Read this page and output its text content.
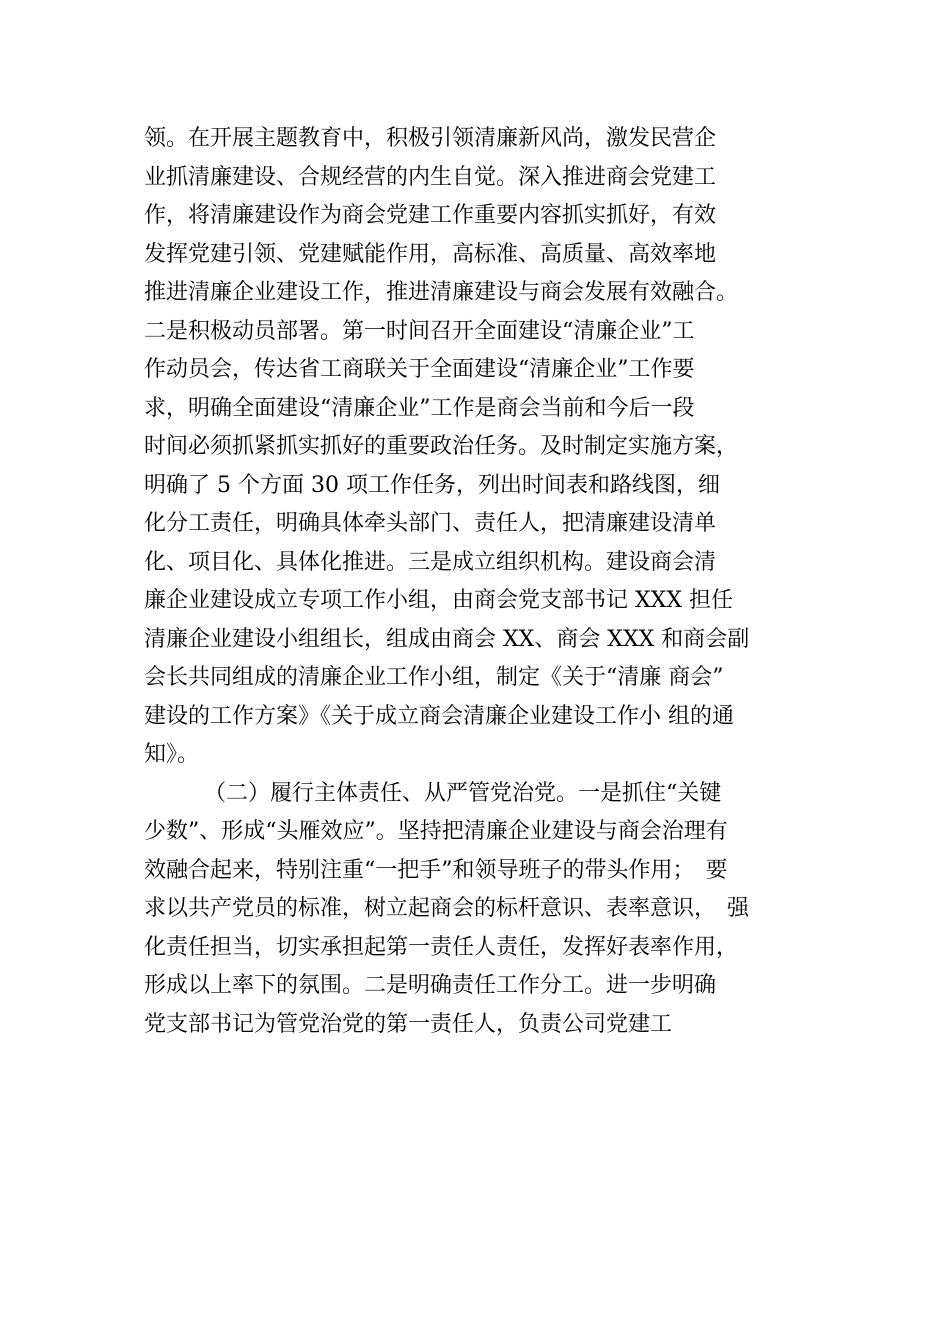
领。在开展主题教育中，积极引领清廉新风尚，激发民营企
业抓清廉建设、合规经营的内生自觉。深入推进商会党建工
作，将清廉建设作为商会党建工作重要内容抓实抓好，有效
发挥党建引领、党建赋能作用，高标准、高质量、高效率地
推进清廉企业建设工作，推进清廉建设与商会发展有效融合。
二是积极动员部署。第一时间召开全面建设“清廉企业”工
作动员会，传达省工商联关于全面建设“清廉企业”工作要
求，明确全面建设“清廉企业”工作是商会当前和今后一段
时间必须抓紧抓实抓好的重要政治任务。及时制定实施方案，
明确了 5 个方面 30 项工作任务，列出时间表和路线图，细
化分工责任，明确具体牵头部门、责任人，把清廉建设清单
化、项目化、具体化推进。三是成立组织机构。建设商会清
廉企业建设成立专项工作小组，由商会党支部书记 XXX 担任
清廉企业建设小组组长，组成由商会 XX、商会 XXX 和商会副
会长共同组成的清廉企业工作小组，制定《关于“清廉 商会”
建设的工作方案》《关于成立商会清廉企业建设工作小 组的通
知》。
（二）履行主体责任、从严管党治党。一是抓住“关键
少数”、形成“头雁效应”。坚持把清廉企业建设与商会治理有
效融合起来，特别注重“一把手”和领导班子的带头作用；　要
求以共产党员的标准，树立起商会的标杆意识、表率意识，　强
化责任担当，切实承担起第一责任人责任，发挥好表率作用，
形成以上率下的氛围。二是明确责任工作分工。进一步明确
党支部书记为管党治党的第一责任人，负责公司党建工
